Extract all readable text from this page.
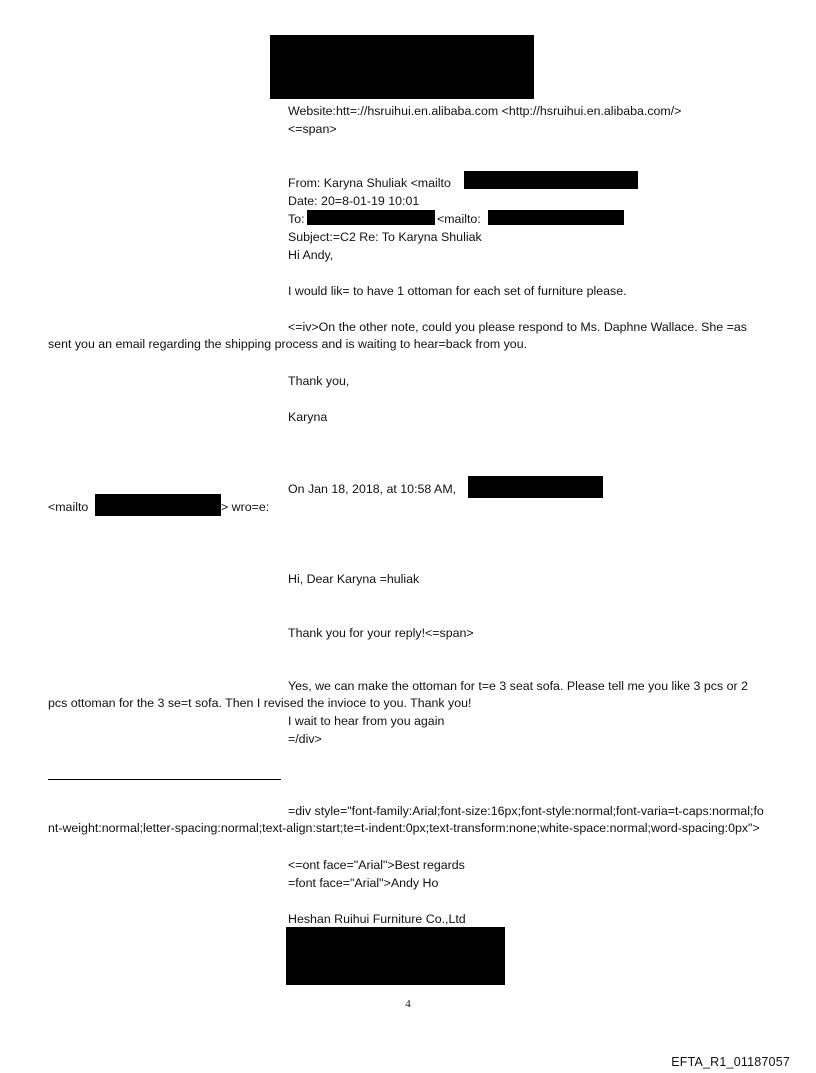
Website:htt=://hsruihui.en.alibaba.com <http://hsruihui.en.alibaba.com/>

<=span>

From: Karyna Shuliak <mailto

Date: 20=8-01-19 10:01

To:	<mailto:

Subject:=C2 Re: To Karyna Shuliak

Hi Andy,

I would lik= to have 1 ottoman for each set of furniture please.

<=iv>On the other note, could you please respond to Ms. Daphne Wallace. She =as sent you an email regarding the shipping process and is waiting to hear=back from you.

Thank you,

Karyna

On Jan 18, 2018, at 10:58 AM,

<mailto	> wro=e:

Hi, Dear Karyna =huliak

Thank you for your reply!<=span>

Yes, we can make the ottoman for t=e 3 seat sofa. Please tell me you like 3 pcs or 2 pcs ottoman for the 3 se=t sofa. Then I revised the invioce to you. Thank you!

I wait to hear from you again

=/div>

=div style="font-family:Arial;font-size:16px;font-style:normal;font-varia=t-caps:normal;font-weight:normal;letter-spacing:normal;text-align:start;te=t-indent:0px;text-transform:none;white-space:normal;word-spacing:0px">

<=ont face="Arial">Best regards

=font face="Arial">Andy Ho

Heshan Ruihui Furniture Co.,Ltd

4
EFTA_R1_01187057
